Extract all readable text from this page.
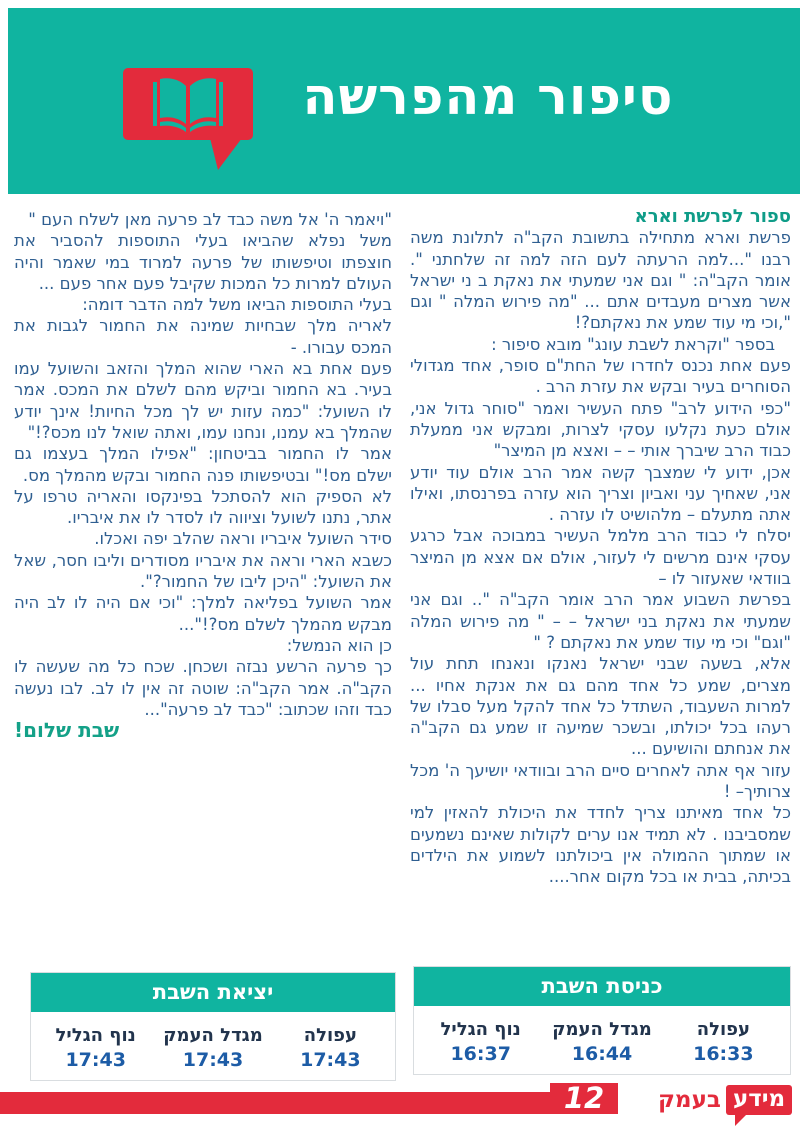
סיפור מהפרשה

ספור לפרשת וארא

פרשת וארא מתחילה בתשובת הקב"ה לתלונת משה רבנו "...למה הרעתה לעם הזה למה זה שלחתני ". אומר הקב"ה: " וגם אני שמעתי את נאקת ב ני ישראל אשר מצרים מעבדים אתם ... "מה פירוש המלה " וגם ",וכי מי עוד שמע את נאקתם?!

בספר "וקראת לשבת עונג" מובא סיפור :

פעם אחת נכנס לחדרו של החת"ם סופר, אחד מגדולי הסוחרים בעיר ובקש את עזרת הרב .

"כפי הידוע לרב" פתח העשיר ואמר "סוחר גדול אני, אולם כעת נקלעו עסקי לצרות, ומבקש אני ממעלת כבוד הרב שיברך אותי – – ואצא מן המיצר"

אכן, ידוע לי שמצבך קשה אמר הרב אולם עוד יודע אני, שאחיך עני ואביון וצריך הוא עזרה בפרנסתו, ואילו אתה מתעלם – מלהושיט לו עזרה .

יסלח לי כבוד הרב מלמל העשיר במבוכה אבל כרגע עסקי אינם מרשים לי לעזור, אולם אם אצא מן המיצר בוודאי שאעזור לו –

בפרשת השבוע אמר הרב אומר הקב"ה ".. וגם אני שמעתי את נאקת בני ישראל – – " מה פירוש המלה "וגם" וכי מי עוד שמע את נאקתם ? "

אלא, בשעה שבני ישראל נאנקו ונאנחו תחת עול מצרים, שמע כל אחד מהם גם את אנקת אחיו ... למרות השעבוד, השתדל כל אחד להקל מעל סבלו של רעהו בכל יכולתו, ובשכר שמיעה זו שמע גם הקב"ה את אנחתם והושיעם ...

עזור אף אתה לאחרים סיים הרב ובוודאי יושיעך ה' מכל צרותיך– !

כל אחד מאיתנו צריך לחדד את היכולת להאזין למי שמסביבנו . לא תמיד אנו ערים לקולות שאינם נשמעים או שמתוך ההמולה אין ביכולתנו לשמוע את הילדים בכיתה, בבית או בכל מקום אחר....

"ויאמר ה' אל משה כבד לב פרעה מאן לשלח העם "

משל נפלא שהביאו בעלי התוספות להסביר את חוצפתו וטיפשותו של פרעה למרוד במי שאמר והיה העולם למרות כל המכות שקיבל פעם אחר פעם ...

בעלי התוספות הביאו משל למה הדבר דומה:

לאריה מלך שבחיות שמינה את החמור לגבות את המכס עבורו. -

פעם אחת בא הארי שהוא המלך והזאב והשועל עמו בעיר. בא החמור וביקש מהם לשלם את המכס. אמר לו השועל: "כמה עזות יש לך מכל החיות! אינך יודע שהמלך בא עמנו, ונחנו עמו, ואתה שואל לנו מכס?!"

אמר לו החמור בביטחון: "אפילו המלך בעצמו גם ישלם מס!" ובטיפשותו פנה החמור ובקש מהמלך מס.

לא הספיק הוא להסתכל בפינקסו והאריה טרפו על אתר, נתנו לשועל וציווה לו לסדר לו את איבריו.

סידר השועל איבריו וראה שהלב יפה ואכלו.

כשבא הארי וראה את איבריו מסודרים וליבו חסר, שאל את השועל: "היכן ליבו של החמור?".

אמר השועל בפליאה למלך: "וכי אם היה לו לב היה מבקש מהמלך לשלם מס?!"...

כן הוא הנמשל:

כך פרעה הרשע נבזה ושכחן. שכח כל מה שעשה לו הקב"ה. אמר הקב"ה: שוטה זה אין לו לב. לבו נעשה כבד וזהו שכתוב: "כבד לב פרעה"...

שבת שלום!

כניסת השבת
עפולה
16:33
מגדל העמק
16:44
נוף הגליל
16:37
יציאת השבת
עפולה
17:43
מגדל העמק
17:43
נוף הגליל
17:43
12	מידע
בעמק
